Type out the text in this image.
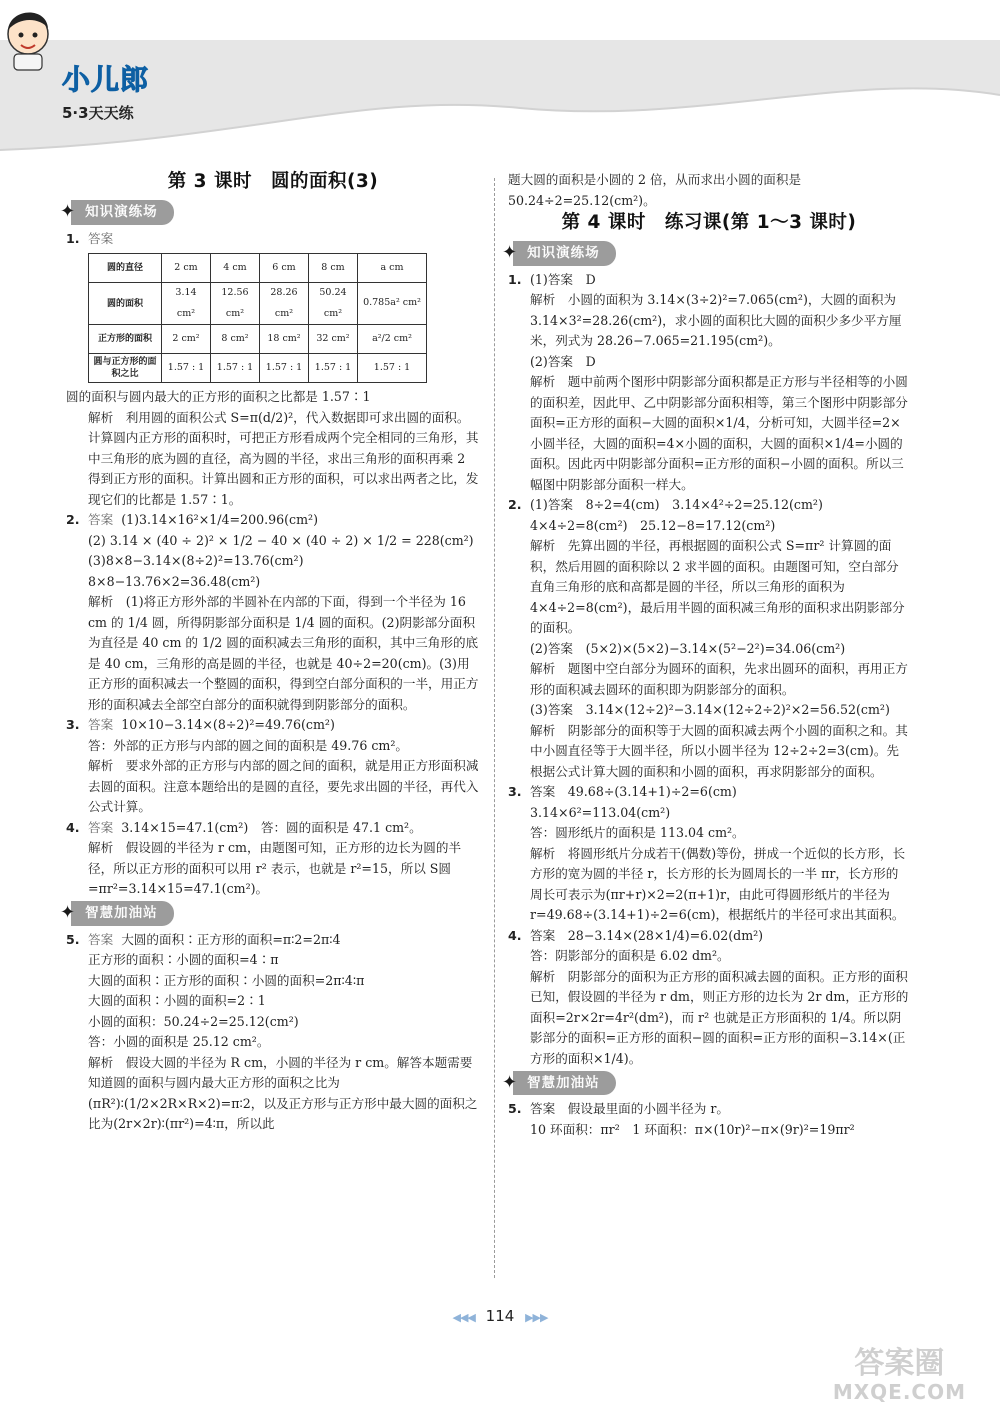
小儿郎
5·3天天练
第 3 课时　圆的面积(3)
✦ 知识演练场

1. 答案

圆的直径	2 cm	4 cm	6 cm	8 cm	a cm
圆的面积	3.14 cm²	12.56 cm²	28.26 cm²	50.24 cm²	0.785a² cm²
正方形的面积	2 cm²	8 cm²	18 cm²	32 cm²	a²/2 cm²
圆与正方形的面积之比	1.57 : 1	1.57 : 1	1.57 : 1	1.57 : 1	1.57 : 1

圆的面积与圆内最大的正方形的面积之比都是 1.57∶1

解析　利用圆的面积公式 S=π(d/2)²，代入数据即可求出圆的面积。计算圆内正方形的面积时，可把正方形看成两个完全相同的三角形，其中三角形的底为圆的直径，高为圆的半径，求出三角形的面积再乘 2 得到正方形的面积。计算出圆和正方形的面积，可以求出两者之比，发现它们的比都是 1.57∶1。

2. 答案 (1)3.14×16²×1/4=200.96(cm²)

(2) 3.14 × (40 ÷ 2)² × 1/2 − 40 × (40 ÷ 2) × 1/2 = 228(cm²)

(3)8×8−3.14×(8÷2)²=13.76(cm²)

8×8−13.76×2=36.48(cm²)

解析　(1)将正方形外部的半圆补在内部的下面，得到一个半径为 16 cm 的 1/4 圆，所得阴影部分面积是 1/4 圆的面积。(2)阴影部分面积为直径是 40 cm 的 1/2 圆的面积减去三角形的面积，其中三角形的底是 40 cm，三角形的高是圆的半径，也就是 40÷2=20(cm)。(3)用正方形的面积减去一个整圆的面积，得到空白部分面积的一半，用正方形的面积减去全部空白部分的面积就得到阴影部分的面积。

3. 答案 10×10−3.14×(8÷2)²=49.76(cm²)

答：外部的正方形与内部的圆之间的面积是 49.76 cm²。

解析　要求外部的正方形与内部的圆之间的面积，就是用正方形面积减去圆的面积。注意本题给出的是圆的直径，要先求出圆的半径，再代入公式计算。

4. 答案 3.14×15=47.1(cm²)　答：圆的面积是 47.1 cm²。

解析　假设圆的半径为 r cm，由题图可知，正方形的边长为圆的半径，所以正方形的面积可以用 r² 表示，也就是 r²=15，所以 S圆=πr²=3.14×15=47.1(cm²)。

✦ 智慧加油站

5. 答案 大圆的面积∶正方形的面积=π∶2=2π∶4

正方形的面积∶小圆的面积=4∶π

大圆的面积∶正方形的面积∶小圆的面积=2π∶4∶π

大圆的面积∶小圆的面积=2∶1

小圆的面积：50.24÷2=25.12(cm²)

答：小圆的面积是 25.12 cm²。

解析　假设大圆的半径为 R cm，小圆的半径为 r cm。解答本题需要知道圆的面积与圆内最大正方形的面积之比为(πR²)∶(1/2×2R×R×2)=π∶2，以及正方形与正方形中最大圆的面积之比为(2r×2r)∶(πr²)=4∶π，所以此

题大圆的面积是小圆的 2 倍，从而求出小圆的面积是

50.24÷2=25.12(cm²)。

第 4 课时　练习课(第 1～3 课时)
✦ 知识演练场

1. (1)答案　D

解析　小圆的面积为 3.14×(3÷2)²=7.065(cm²)，大圆的面积为 3.14×3²=28.26(cm²)，求小圆的面积比大圆的面积少多少平方厘米，列式为 28.26−7.065=21.195(cm²)。

(2)答案　D

解析　题中前两个图形中阴影部分面积都是正方形与半径相等的小圆的面积差，因此甲、乙中阴影部分面积相等，第三个图形中阴影部分面积=正方形的面积−大圆的面积×1/4，分析可知，大圆半径=2×小圆半径，大圆的面积=4×小圆的面积，大圆的面积×1/4=小圆的面积。因此丙中阴影部分面积=正方形的面积−小圆的面积。所以三幅图中阴影部分面积一样大。

2. (1)答案　8÷2=4(cm)　3.14×4²÷2=25.12(cm²)

4×4÷2=8(cm²)　25.12−8=17.12(cm²)

解析　先算出圆的半径，再根据圆的面积公式 S=πr² 计算圆的面积，然后用圆的面积除以 2 求半圆的面积。由题图可知，空白部分直角三角形的底和高都是圆的半径，所以三角形的面积为 4×4÷2=8(cm²)，最后用半圆的面积减三角形的面积求出阴影部分的面积。

(2)答案　(5×2)×(5×2)−3.14×(5²−2²)=34.06(cm²)

解析　题图中空白部分为圆环的面积，先求出圆环的面积，再用正方形的面积减去圆环的面积即为阴影部分的面积。

(3)答案　3.14×(12÷2)²−3.14×(12÷2÷2)²×2=56.52(cm²)

解析　阴影部分的面积等于大圆的面积减去两个小圆的面积之和。其中小圆直径等于大圆半径，所以小圆半径为 12÷2÷2=3(cm)。先根据公式计算大圆的面积和小圆的面积，再求阴影部分的面积。

3. 答案　49.68÷(3.14+1)÷2=6(cm)

3.14×6²=113.04(cm²)

答：圆形纸片的面积是 113.04 cm²。

解析　将圆形纸片分成若干(偶数)等份，拼成一个近似的长方形，长方形的宽为圆的半径 r，长方形的长为圆周长的一半 πr，长方形的周长可表示为(πr+r)×2=2(π+1)r，由此可得圆形纸片的半径为 r=49.68÷(3.14+1)÷2=6(cm)，根据纸片的半径可求出其面积。

4. 答案　28−3.14×(28×1/4)=6.02(dm²)

答：阴影部分的面积是 6.02 dm²。

解析　阴影部分的面积为正方形的面积减去圆的面积。正方形的面积已知，假设圆的半径为 r dm，则正方形的边长为 2r dm，正方形的面积=2r×2r=4r²(dm²)，而 r² 也就是正方形面积的 1/4。所以阴影部分的面积=正方形的面积−圆的面积=正方形的面积−3.14×(正方形的面积×1/4)。

✦ 智慧加油站

5. 答案　假设最里面的小圆半径为 r。

10 环面积：πr²　1 环面积：π×(10r)²−π×(9r)²=19πr²

◀◀◀ 114 ▶▶▶
答案圈
MXQE.COM
